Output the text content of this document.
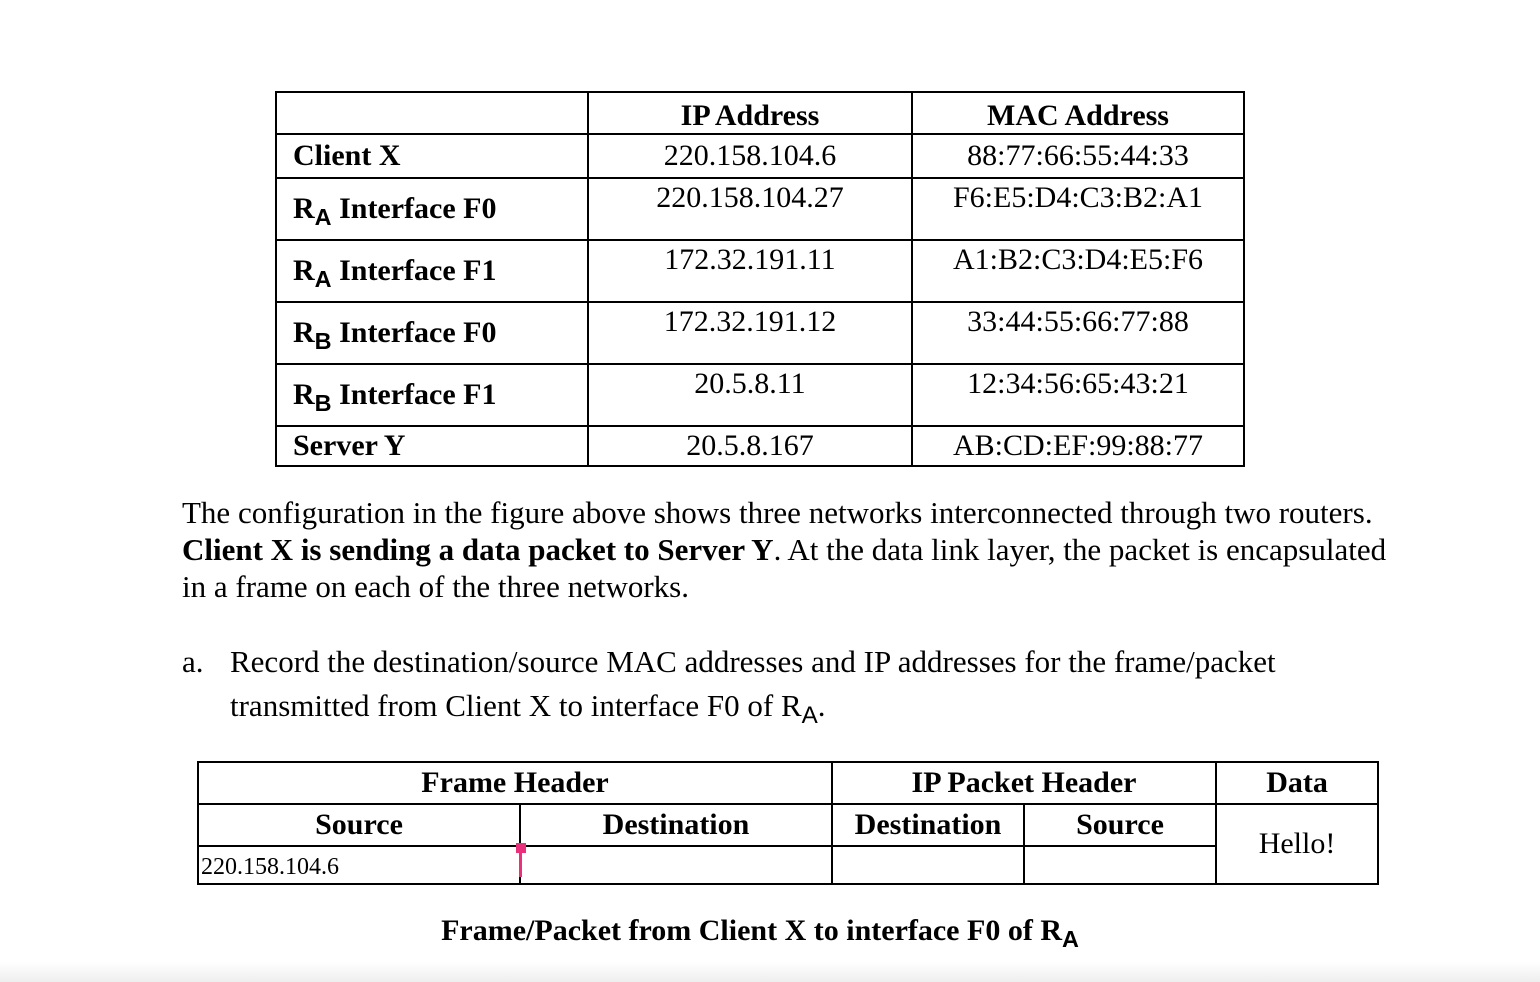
	IP Address	MAC Address
Client X	220.158.104.6	88:77:66:55:44:33
$R_A$ Interface F0	220.158.104.27	F6:E5:D4:C3:B2:A1
$R_A$ Interface F1	172.32.191.11	A1:B2:C3:D4:E5:F6
$R_B$ Interface F0	172.32.191.12	33:44:55:66:77:88
$R_B$ Interface F1	20.5.8.11	12:34:56:65:43:21
Server Y	20.5.8.167	AB:CD:EF:99:88:77

The configuration in the figure above shows three networks interconnected through two routers. Client X is sending a data packet to Server Y. At the data link layer, the packet is encapsulated in a frame on each of the three networks.

a. Record the destination/source MAC addresses and IP addresses for the frame/packet transmitted from Client X to interface F0 of $R_A$.
Frame Header		IP Packet Header		Data
Source	Destination	Destination	Source	Hello!
220.158.104.6				
Frame/Packet from Client X to interface F0 of $R_A$
